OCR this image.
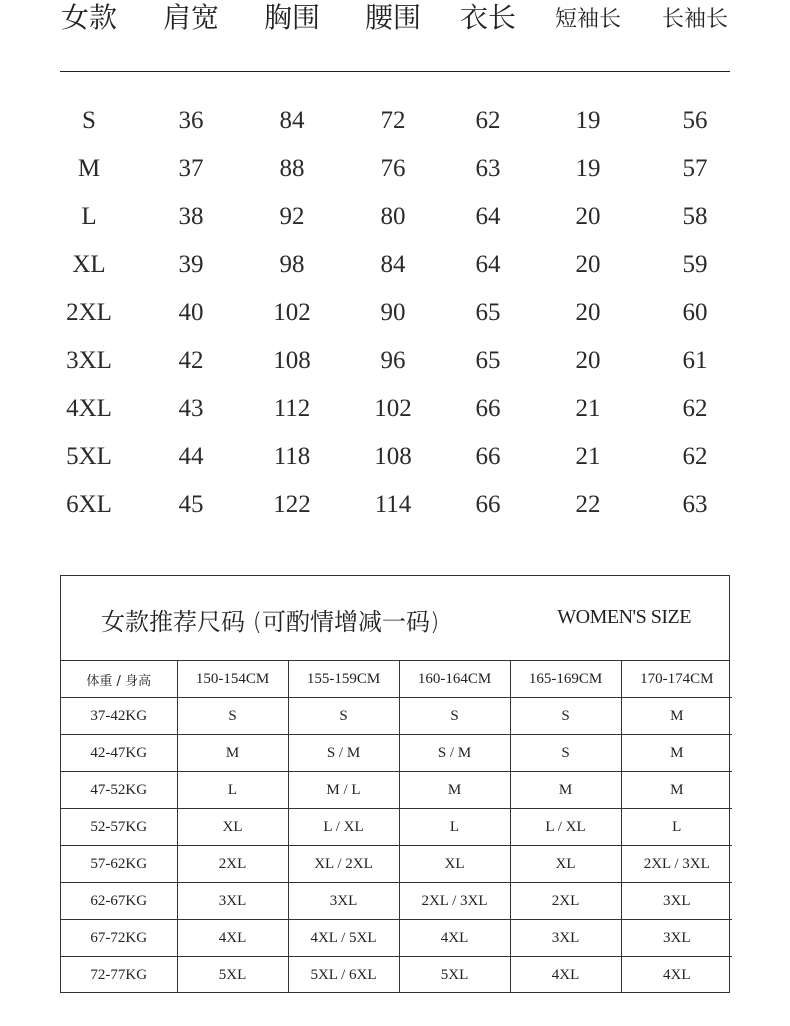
女款 肩宽 胸围 腰围 衣长 短袖长 长袖长
S	36	84	72	62	19	56
M	37	88	76	63	19	57
L	38	92	80	64	20	58
XL	39	98	84	64	20	59
2XL	40	102	90	65	20	60
3XL	42	108	96	65	20	61
4XL	43	112	102	66	21	62
5XL	44	118	108	66	21	62
6XL	45	122	114	66	22	63
女款推荐尺码 (可酌情增减一码)	WOMEN'S SIZE
体重 / 身高	150-154CM	155-159CM	160-164CM	165-169CM	170-174CM
37-42KG	S	S	S	S	M
42-47KG	M	S / M	S / M	S	M
47-52KG	L	M / L	M	M	M
52-57KG	XL	L / XL	L	L / XL	L
57-62KG	2XL	XL / 2XL	XL	XL	2XL / 3XL
62-67KG	3XL	3XL	2XL / 3XL	2XL	3XL
67-72KG	4XL	4XL / 5XL	4XL	3XL	3XL
72-77KG	5XL	5XL / 6XL	5XL	4XL	4XL
